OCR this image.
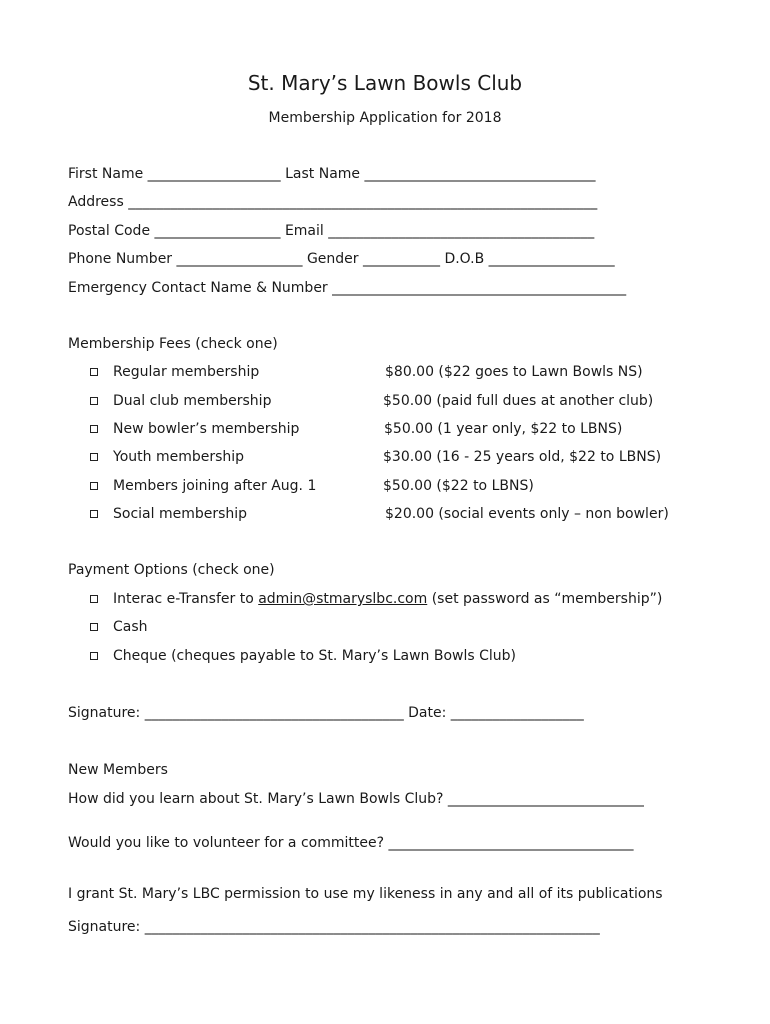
St. Mary’s Lawn Bowls Club
Membership Application for 2018
First Name ___________________ Last Name _________________________________
Address ___________________________________________________________________
Postal Code __________________ Email ______________________________________
Phone Number __________________ Gender ___________ D.O.B __________________
Emergency Contact Name & Number __________________________________________
Membership Fees (check one)
Regular membership	$80.00 ($22 goes to Lawn Bowls NS)
Dual club membership	$50.00 (paid full dues at another club)
New bowler’s membership	$50.00 (1 year only, $22 to LBNS)
Youth membership	$30.00 (16 - 25 years old, $22 to LBNS)
Members joining after Aug. 1	$50.00 ($22 to LBNS)
Social membership	$20.00 (social events only – non bowler)
Payment Options (check one)
Interac e-Transfer to admin@stmaryslbc.com (set password as “membership”)
Cash
Cheque (cheques payable to St. Mary’s Lawn Bowls Club)
Signature: _____________________________________ Date: ___________________
New Members
How did you learn about St. Mary’s Lawn Bowls Club? ____________________________
Would you like to volunteer for a committee? ___________________________________
I grant St. Mary’s LBC permission to use my likeness in any and all of its publications
Signature: _________________________________________________________________
